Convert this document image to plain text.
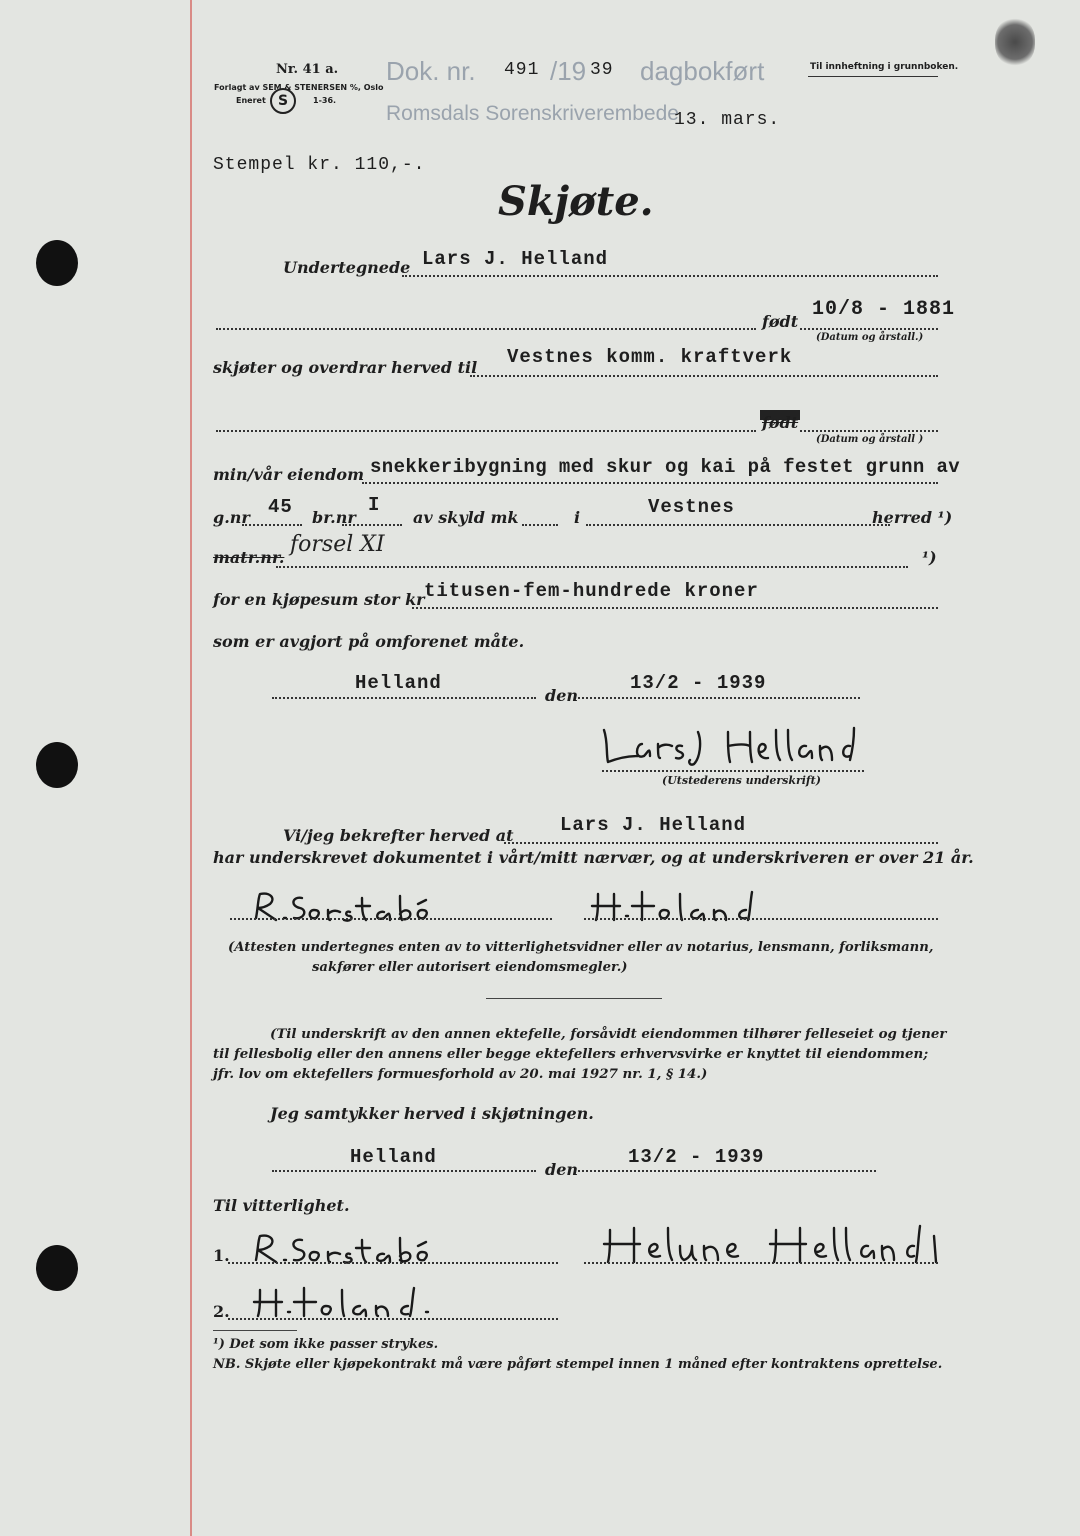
Nr. 41 a.
Forlagt av SEM & STENERSEN %, Oslo
Eneret	1-36.
S
Til innheftning i grunnboken.
Dok. nr. 491 /19 39 dagbokført
Romsdals Sorenskriverembede
13. mars.
Stempel kr. 110,-.
Skjøte.
Undertegnede Lars J. Helland
født
10/8 - 1881
(Datum og årstall.)
skjøter og overdrar herved til Vestnes komm. kraftverk
født
(Datum og årstall )
min/vår eiendom snekkeribygning med skur og kai på festet grunn av
g.nr 45 br.nr
I
av skyld mk	i	Vestnes	herred ¹)
matr.nr.
forsel XI
¹)
for en kjøpesum stor kr titusen-fem-hundrede kroner
som er avgjort på omforenet måte.
Helland
den
13/2 - 1939
(Utstederens underskrift)
Vi/jeg bekrefter herved at Lars J. Helland
har underskrevet dokumentet i vårt/mitt nærvær, og at underskriveren er over 21 år.
(Attesten undertegnes enten av to vitterlighetsvidner eller av notarius, lensmann, forliksmann,
sakfører eller autorisert eiendomsmegler.)
(Til underskrift av den annen ektefelle, forsåvidt eiendommen tilhører felleseiet og tjener
til fellesbolig eller den annens eller begge ektefellers erhvervsvirke er knyttet til eiendommen;
jfr. lov om ektefellers formuesforhold av 20. mai 1927 nr. 1, § 14.)
Jeg samtykker herved i skjøtningen.
Helland
den
13/2 - 1939
Til vitterlighet.
1.
2.
¹) Det som ikke passer strykes.
NB. Skjøte eller kjøpekontrakt må være påført stempel innen 1 måned efter kontraktens oprettelse.
